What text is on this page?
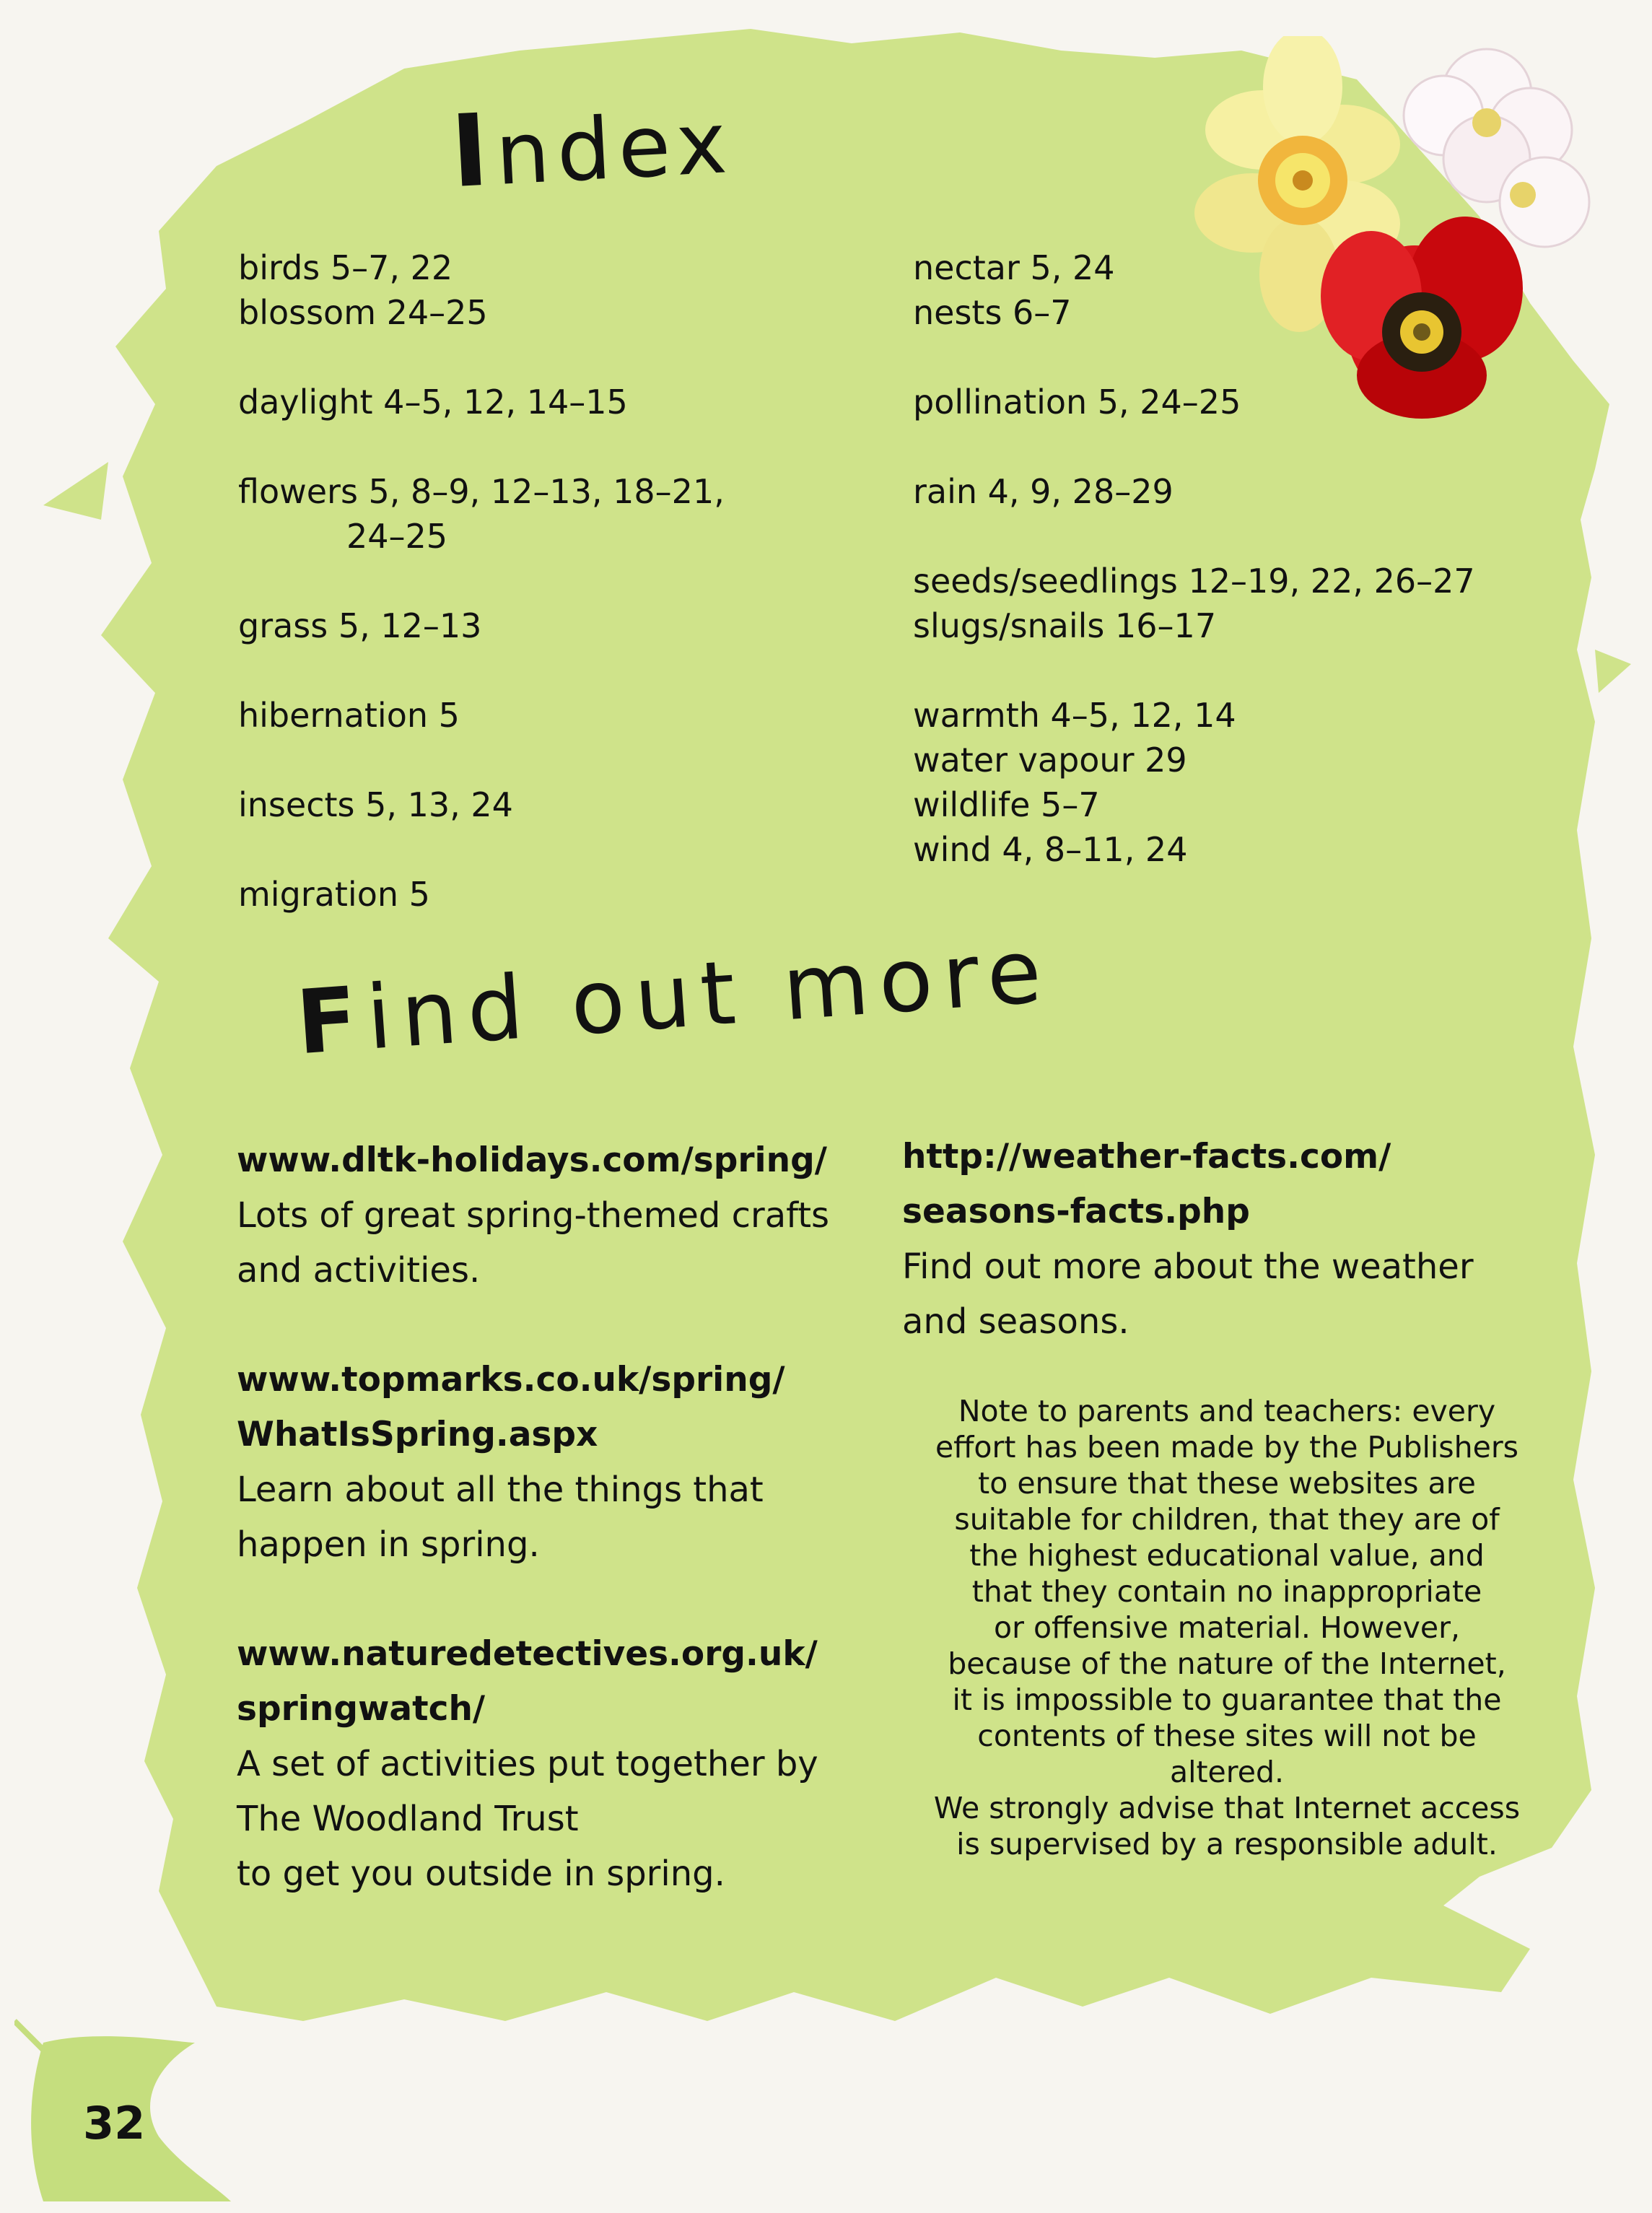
Index
birds 5–7, 22
blossom 24–25
daylight 4–5, 12, 14–15
flowers 5, 8–9, 12–13, 18–21,
24–25
grass 5, 12–13
hibernation 5
insects 5, 13, 24
migration 5
nectar 5, 24
nests 6–7
pollination 5, 24–25
rain 4, 9, 28–29
seeds/seedlings 12–19, 22, 26–27
slugs/snails 16–17
warmth 4–5, 12, 14
water vapour 29
wildlife 5–7
wind 4, 8–11, 24
Find out more
www.dltk-holidays.com/spring/
Lots of great spring-themed crafts
and activities.
www.topmarks.co.uk/spring/
WhatIsSpring.aspx
Learn about all the things that
happen in spring.
www.naturedetectives.org.uk/
springwatch/
A set of activities put together by
The Woodland Trust
to get you outside in spring.
http://weather-facts.com/
seasons-facts.php
Find out more about the weather
and seasons.

Note to parents and teachers: every

effort has been made by the Publishers

to ensure that these websites are

suitable for children, that they are of

the highest educational value, and

that they contain no inappropriate

or offensive material. However,

because of the nature of the Internet,

it is impossible to guarantee that the

contents of these sites will not be

altered.

We strongly advise that Internet access

is supervised by a responsible adult.

32
